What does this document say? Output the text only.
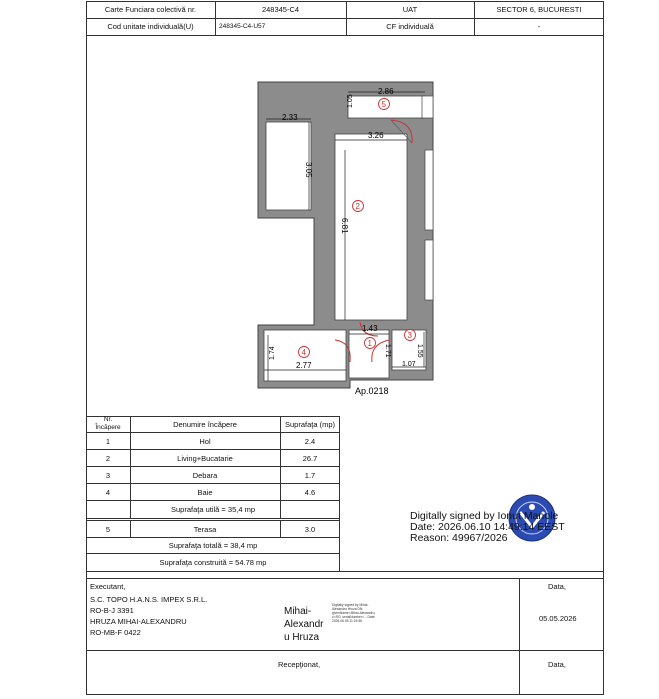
Carte Funciara colectivă nr.	248345-C4	UAT	SECTOR 6, BUCURESTI
Cod unitate individuală(U)	248345-C4-U57	CF individuală	-
2.86
1.05
2.33
3.26
3.05
6.81
1.43
1.71
1.74
2.77
1.55
1.07
5
2
1
3
4
Ap.0218
Nr.
Încăpere	Denumire încăpere	Suprafaţa (mp)
1	Hol	2.4
2	Living+Bucatarie	26.7
3	Debara	1.7
4	Baie	4.6
Suprafaţa utilă = 35,4 mp
5	Terasa	3.0
Suprafaţa totală = 38,4 mp
Suprafaţa construită = 54.78 mp
Digitally signed by Ionut Manole
Date: 2026.06.10 14:49:14 EEST
Reason: 49967/2026
Executant,
S.C. TOPO H.A.N.S. IMPEX S.R.L.
RO-B-J 3391
HRUZA MIHAI-ALEXANDRU
RO-MB-F 0422
Mihai-
Alexandr
u Hruza
Digitally signed by Mihai-Alexandru Hruza DN: givenName=Mihai-Alexandru, c=RO, serialNumber=... Date: 2026.06.05 11:24:56
Data,
05.05.2026
Recepţionat,	Data,
